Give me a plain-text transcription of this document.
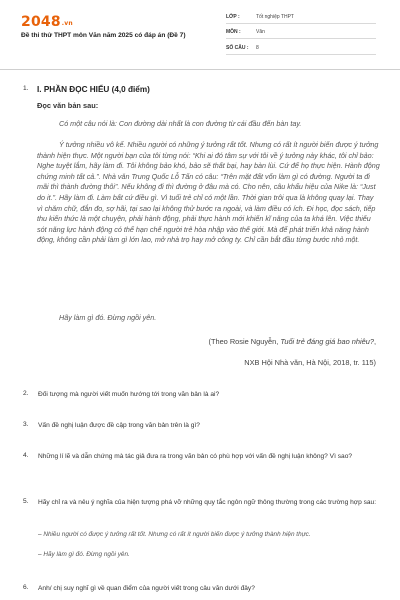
2048.vn
Đề thi thử THPT môn Văn năm 2025 có đáp án (Đề 7)
LỚP :	Tốt nghiệp THPT
MÔN :	Văn
SỐ CÂU : 8
1. I. PHẦN ĐỌC HIỂU (4,0 điểm)
Đọc văn bản sau:
Có một câu nói là: Con đường dài nhất là con đường từ cái đầu đến bàn tay.
Ý tưởng nhiều vô kể. Nhiều người có những ý tưởng rất tốt. Nhưng có rất ít người biến được ý tưởng thành hiện thực. Một người bạn của tôi từng nói: “Khi ai đó tâm sự với tôi về ý tưởng này khác, tôi chỉ bảo: Nghe tuyệt lắm, hãy làm đi. Tôi không bảo khó, bảo sẽ thất bại, hay bàn lùi. Cứ để họ thực hiện. Hành động chứng minh tất cả.”. Nhà văn Trung Quốc Lỗ Tấn có câu: “Trên mặt đất vốn làm gì có đường. Người ta đi mãi thì thành đường thôi”. Nếu không đi thì đường ở đâu mà có. Cho nên, câu khẩu hiệu của Nike là: “Just do it.”. Hãy làm đi. Làm bất cứ điều gì. Vì tuổi trẻ chỉ có một lần. Thời gian trôi qua là không quay lại. Thay vì chăm chữ, đắn đo, sợ hãi, tại sao lại không thử bước ra ngoài, và làm điều có ích. Đi học, đọc sách, tiếp thu kiến thức là một chuyện, phải hành động, phải thực hành mới khiến kĩ năng của ta khá lên. Việc thiếu sót năng lực hành động có thể hạn chế người trẻ hòa nhập vào thế giới. Mà để phát triển khả năng hành động, không cần phải làm gì lớn lao, mở nhà trọ hay mở công ty. Chỉ cần bắt đầu từng bước nhỏ một.
Hãy làm gì đó. Đừng ngồi yên.
(Theo Rosie Nguyễn, Tuổi trẻ đáng giá bao nhiêu?,
NXB Hội Nhà văn, Hà Nội, 2018, tr. 115)
2. Đối tượng mà người viết muốn hướng tới trong văn bản là ai?
3. Vấn đề nghị luận được đề cập trong văn bản trên là gì?
4. Những lí lẽ và dẫn chứng mà tác giả đưa ra trong văn bản có phù hợp với vấn đề nghị luận không? Vì sao?
5. Hãy chỉ ra và nêu ý nghĩa của hiện tượng phá vỡ những quy tắc ngôn ngữ thông thường trong các trường hợp sau:
– Nhiều người có được ý tưởng rất tốt. Nhưng có rất ít người biến được ý tưởng thành hiện thực.
– Hãy làm gì đó. Đừng ngồi yên.
6. Anh/ chị suy nghĩ gì về quan điểm của người viết trong câu văn dưới đây?
